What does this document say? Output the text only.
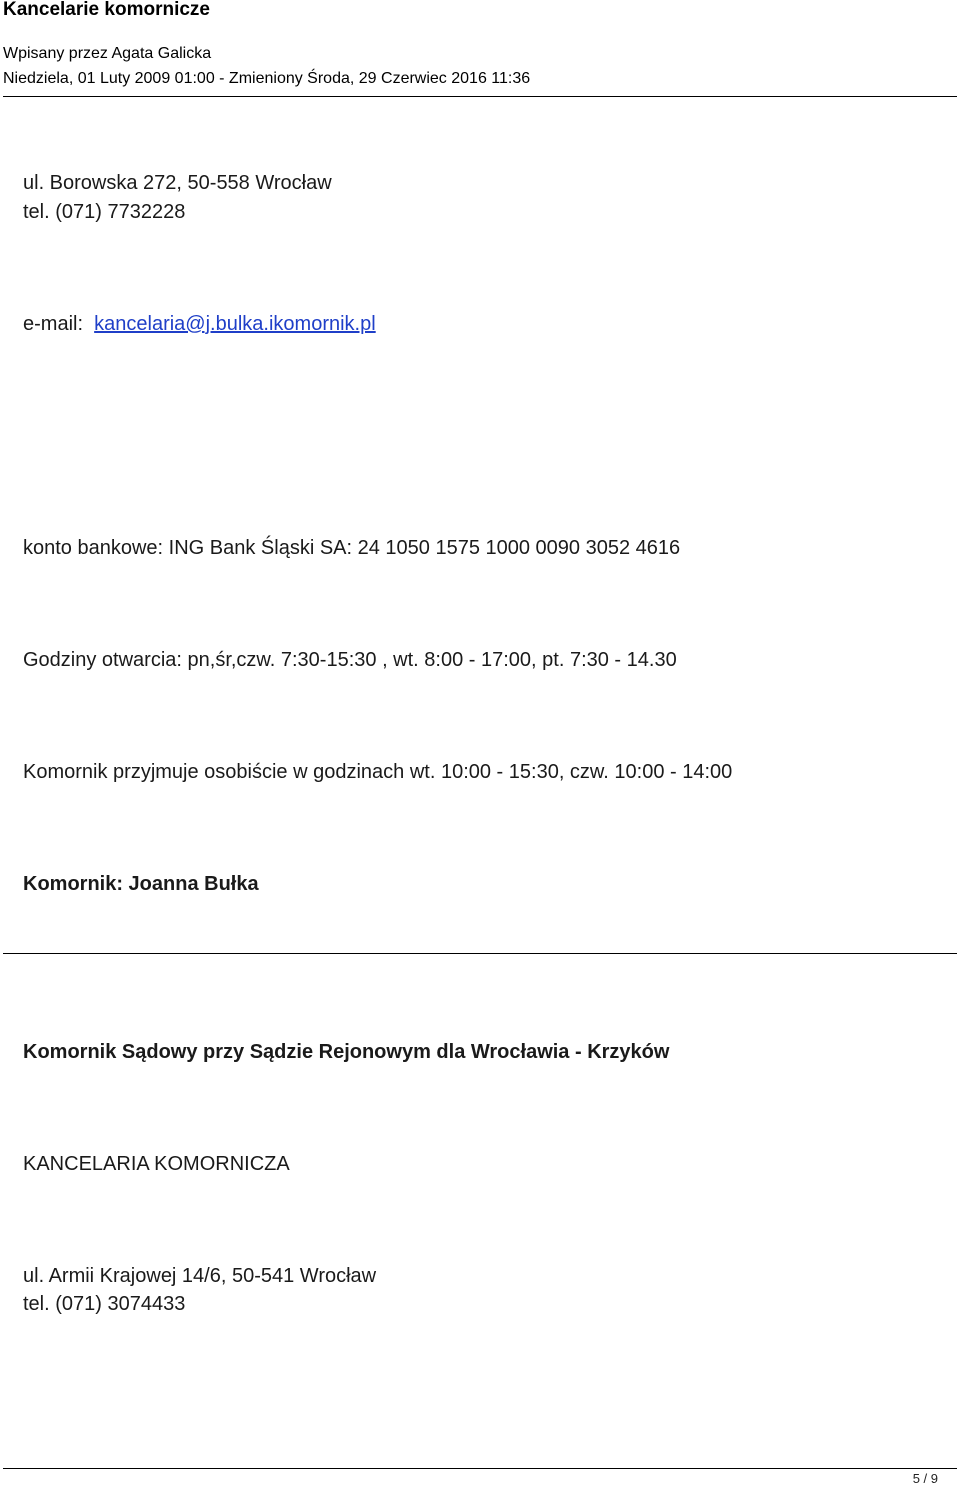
Kancelarie komornicze
Wpisany przez Agata Galicka
Niedziela, 01 Luty 2009 01:00 - Zmieniony Środa, 29 Czerwiec 2016 11:36
ul. Borowska 272, 50-558 Wrocław
tel. (071) 7732228
e-mail: kancelaria@j.bulka.ikomornik.pl
konto bankowe: ING Bank Śląski SA: 24 1050 1575 1000 0090 3052 4616
Godziny otwarcia: pn,śr,czw. 7:30-15:30 , wt. 8:00 - 17:00, pt. 7:30 - 14.30
Komornik przyjmuje osobiście w godzinach wt. 10:00 - 15:30, czw. 10:00 - 14:00
Komornik: Joanna Bułka
Komornik Sądowy przy Sądzie Rejonowym dla Wrocławia - Krzyków
KANCELARIA KOMORNICZA
ul. Armii Krajowej 14/6, 50-541 Wrocław
tel. (071) 3074433
5 / 9
